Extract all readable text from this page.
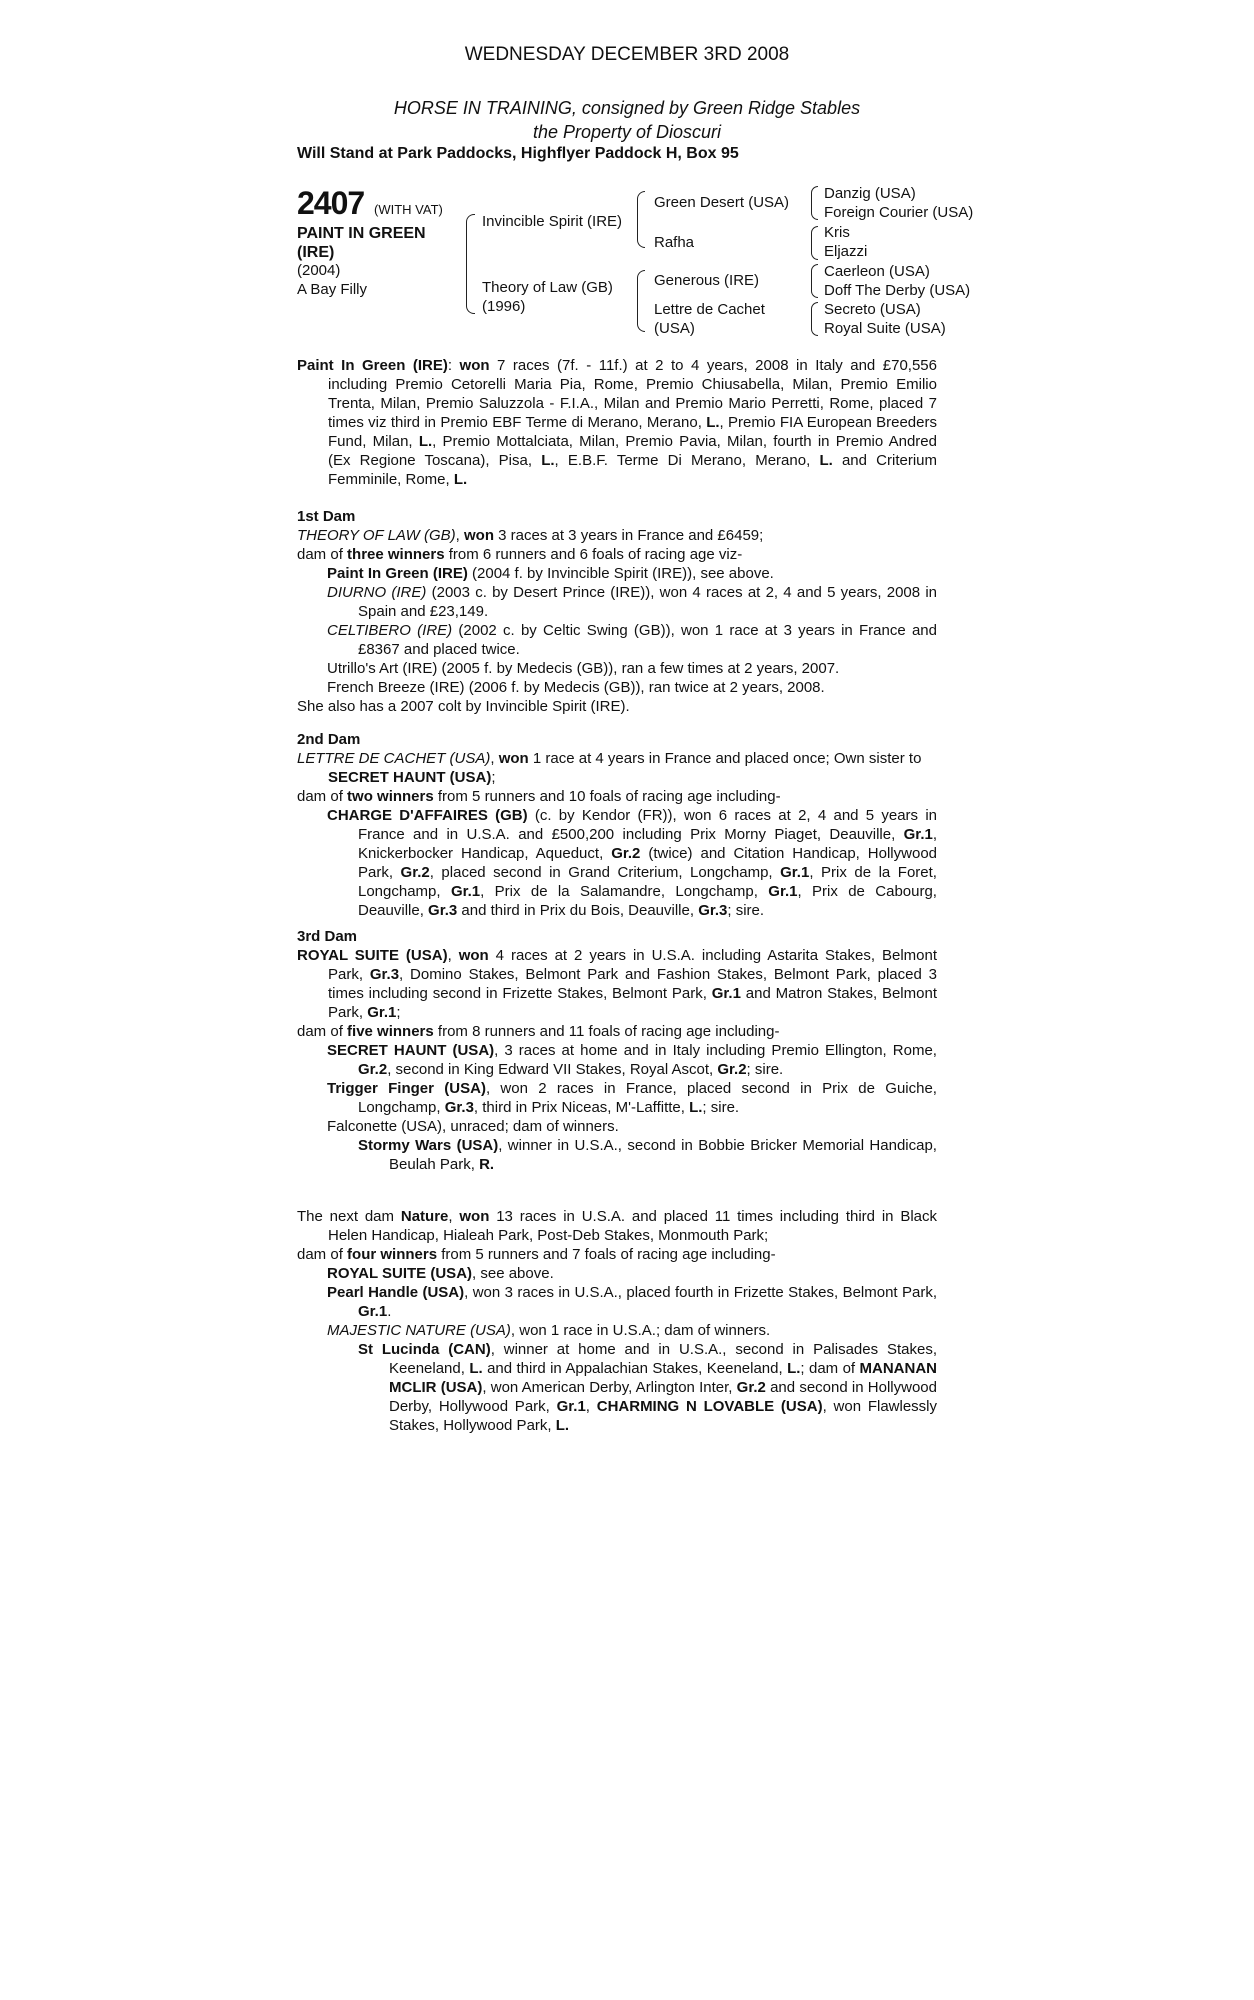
WEDNESDAY DECEMBER 3RD 2008
HORSE IN TRAINING, consigned by Green Ridge Stables
the Property of Dioscuri
Will Stand at Park Paddocks, Highflyer Paddock H, Box 95
2407 (WITH VAT)
PAINT IN GREEN (IRE)
(2004)
A Bay Filly
Invincible Spirit (IRE)
Theory of Law (GB)
(1996)
Green Desert (USA)
Rafha
Generous (IRE)
Lettre de Cachet
(USA)
Danzig (USA)
Foreign Courier (USA)
Kris
Eljazzi
Caerleon (USA)
Doff The Derby (USA)
Secreto (USA)
Royal Suite (USA)

Paint In Green (IRE): won 7 races (7f. - 11f.) at 2 to 4 years, 2008 in Italy and £70,556 including Premio Cetorelli Maria Pia, Rome, Premio Chiusabella, Milan, Premio Emilio Trenta, Milan, Premio Saluzzola - F.I.A., Milan and Premio Mario Perretti, Rome, placed 7 times viz third in Premio EBF Terme di Merano, Merano, L., Premio FIA European Breeders Fund, Milan, L., Premio Mottalciata, Milan, Premio Pavia, Milan, fourth in Premio Andred (Ex Regione Toscana), Pisa, L., E.B.F. Terme Di Merano, Merano, L. and Criterium Femminile, Rome, L.

1st Dam

THEORY OF LAW (GB), won 3 races at 3 years in France and £6459;

dam of three winners from 6 runners and 6 foals of racing age viz-

Paint In Green (IRE) (2004 f. by Invincible Spirit (IRE)), see above.

DIURNO (IRE) (2003 c. by Desert Prince (IRE)), won 4 races at 2, 4 and 5 years, 2008 in Spain and £23,149.

CELTIBERO (IRE) (2002 c. by Celtic Swing (GB)), won 1 race at 3 years in France and £8367 and placed twice.

Utrillo's Art (IRE) (2005 f. by Medecis (GB)), ran a few times at 2 years, 2007.

French Breeze (IRE) (2006 f. by Medecis (GB)), ran twice at 2 years, 2008.

She also has a 2007 colt by Invincible Spirit (IRE).

2nd Dam

LETTRE DE CACHET (USA), won 1 race at 4 years in France and placed once; Own sister to SECRET HAUNT (USA);

dam of two winners from 5 runners and 10 foals of racing age including-

CHARGE D'AFFAIRES (GB) (c. by Kendor (FR)), won 6 races at 2, 4 and 5 years in France and in U.S.A. and £500,200 including Prix Morny Piaget, Deauville, Gr.1, Knickerbocker Handicap, Aqueduct, Gr.2 (twice) and Citation Handicap, Hollywood Park, Gr.2, placed second in Grand Criterium, Longchamp, Gr.1, Prix de la Foret, Longchamp, Gr.1, Prix de la Salamandre, Longchamp, Gr.1, Prix de Cabourg, Deauville, Gr.3 and third in Prix du Bois, Deauville, Gr.3; sire.

3rd Dam

ROYAL SUITE (USA), won 4 races at 2 years in U.S.A. including Astarita Stakes, Belmont Park, Gr.3, Domino Stakes, Belmont Park and Fashion Stakes, Belmont Park, placed 3 times including second in Frizette Stakes, Belmont Park, Gr.1 and Matron Stakes, Belmont Park, Gr.1;

dam of five winners from 8 runners and 11 foals of racing age including-

SECRET HAUNT (USA), 3 races at home and in Italy including Premio Ellington, Rome, Gr.2, second in King Edward VII Stakes, Royal Ascot, Gr.2; sire.

Trigger Finger (USA), won 2 races in France, placed second in Prix de Guiche, Longchamp, Gr.3, third in Prix Niceas, M'-Laffitte, L.; sire.

Falconette (USA), unraced; dam of winners.

Stormy Wars (USA), winner in U.S.A., second in Bobbie Bricker Memorial Handicap, Beulah Park, R.

The next dam Nature, won 13 races in U.S.A. and placed 11 times including third in Black Helen Handicap, Hialeah Park, Post-Deb Stakes, Monmouth Park;

dam of four winners from 5 runners and 7 foals of racing age including-

ROYAL SUITE (USA), see above.

Pearl Handle (USA), won 3 races in U.S.A., placed fourth in Frizette Stakes, Belmont Park, Gr.1.

MAJESTIC NATURE (USA), won 1 race in U.S.A.; dam of winners.

St Lucinda (CAN), winner at home and in U.S.A., second in Palisades Stakes, Keeneland, L. and third in Appalachian Stakes, Keeneland, L.; dam of MANANAN MCLIR (USA), won American Derby, Arlington Inter, Gr.2 and second in Hollywood Derby, Hollywood Park, Gr.1, CHARMING N LOVABLE (USA), won Flawlessly Stakes, Hollywood Park, L.
